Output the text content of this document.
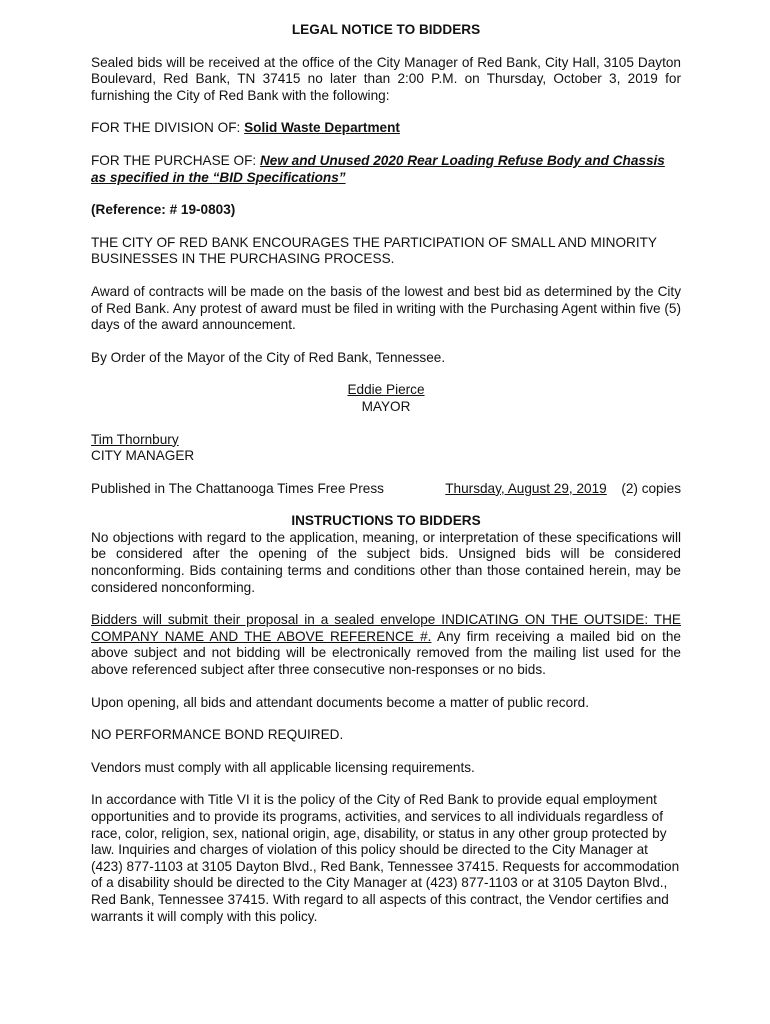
LEGAL NOTICE TO BIDDERS

Sealed bids will be received at the office of the City Manager of Red Bank, City Hall, 3105 Dayton Boulevard, Red Bank, TN 37415 no later than 2:00 P.M. on Thursday, October 3, 2019 for furnishing the City of Red Bank with the following:

FOR THE DIVISION OF: Solid Waste Department

FOR THE PURCHASE OF: New and Unused 2020 Rear Loading Refuse Body and Chassis as specified in the “BID Specifications”

(Reference: # 19-0803)

THE CITY OF RED BANK ENCOURAGES THE PARTICIPATION OF SMALL AND MINORITY BUSINESSES IN THE PURCHASING PROCESS.

Award of contracts will be made on the basis of the lowest and best bid as determined by the City of Red Bank. Any protest of award must be filed in writing with the Purchasing Agent within five (5) days of the award announcement.

By Order of the Mayor of the City of Red Bank, Tennessee.

Eddie Pierce

MAYOR

Tim Thornbury

CITY MANAGER

Published in The Chattanooga Times Free Press	Thursday, August 29, 2019	(2) copies

INSTRUCTIONS TO BIDDERS

No objections with regard to the application, meaning, or interpretation of these specifications will be considered after the opening of the subject bids. Unsigned bids will be considered nonconforming. Bids containing terms and conditions other than those contained herein, may be considered nonconforming.

Bidders will submit their proposal in a sealed envelope INDICATING ON THE OUTSIDE: THE COMPANY NAME AND THE ABOVE REFERENCE #. Any firm receiving a mailed bid on the above subject and not bidding will be electronically removed from the mailing list used for the above referenced subject after three consecutive non-responses or no bids.

Upon opening, all bids and attendant documents become a matter of public record.

NO PERFORMANCE BOND REQUIRED.

Vendors must comply with all applicable licensing requirements.

In accordance with Title VI it is the policy of the City of Red Bank to provide equal employment opportunities and to provide its programs, activities, and services to all individuals regardless of race, color, religion, sex, national origin, age, disability, or status in any other group protected by law. Inquiries and charges of violation of this policy should be directed to the City Manager at (423) 877-1103 at 3105 Dayton Blvd., Red Bank, Tennessee 37415. Requests for accommodation of a disability should be directed to the City Manager at (423) 877-1103 or at 3105 Dayton Blvd., Red Bank, Tennessee 37415. With regard to all aspects of this contract, the Vendor certifies and warrants it will comply with this policy.
